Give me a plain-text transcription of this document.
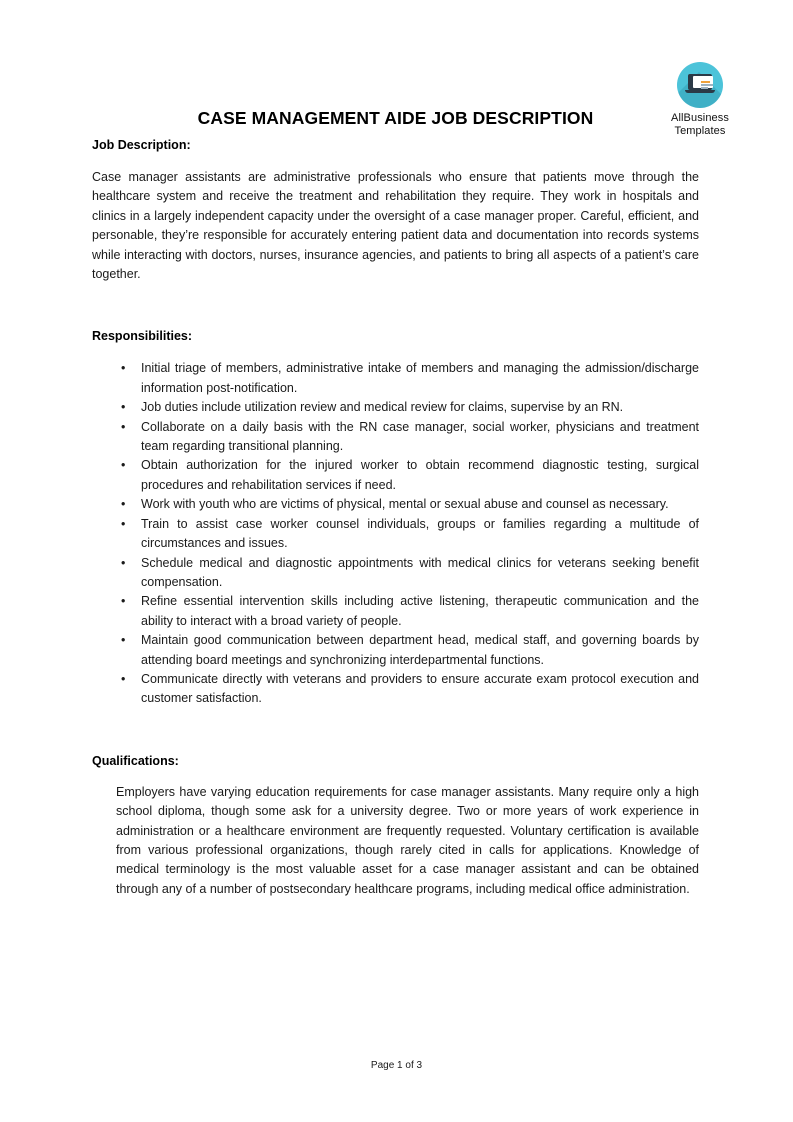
AllBusiness
Templates
CASE MANAGEMENT AIDE JOB DESCRIPTION
Job Description:

Case manager assistants are administrative professionals who ensure that patients move through the healthcare system and receive the treatment and rehabilitation they require. They work in hospitals and clinics in a largely independent capacity under the oversight of a case manager proper. Careful, efficient, and personable, they’re responsible for accurately entering patient data and documentation into records systems while interacting with doctors, nurses, insurance agencies, and patients to bring all aspects of a patient’s care together.

Responsibilities:
• Initial triage of members, administrative intake of members and managing the admission/discharge information post-notification.
• Job duties include utilization review and medical review for claims, supervise by an RN.
• Collaborate on a daily basis with the RN case manager, social worker, physicians and treatment team regarding transitional planning.
• Obtain authorization for the injured worker to obtain recommend diagnostic testing, surgical procedures and rehabilitation services if need.
• Work with youth who are victims of physical, mental or sexual abuse and counsel as necessary.
• Train to assist case worker counsel individuals, groups or families regarding a multitude of circumstances and issues.
• Schedule medical and diagnostic appointments with medical clinics for veterans seeking benefit compensation.
• Refine essential intervention skills including active listening, therapeutic communication and the ability to interact with a broad variety of people.
• Maintain good communication between department head, medical staff, and governing boards by attending board meetings and synchronizing interdepartmental functions.
• Communicate directly with veterans and providers to ensure accurate exam protocol execution and customer satisfaction.
Qualifications:

Employers have varying education requirements for case manager assistants. Many require only a high school diploma, though some ask for a university degree. Two or more years of work experience in administration or a healthcare environment are frequently requested. Voluntary certification is available from various professional organizations, though rarely cited in calls for applications. Knowledge of medical terminology is the most valuable asset for a case manager assistant and can be obtained through any of a number of postsecondary healthcare programs, including medical office administration.

Page 1 of 3
